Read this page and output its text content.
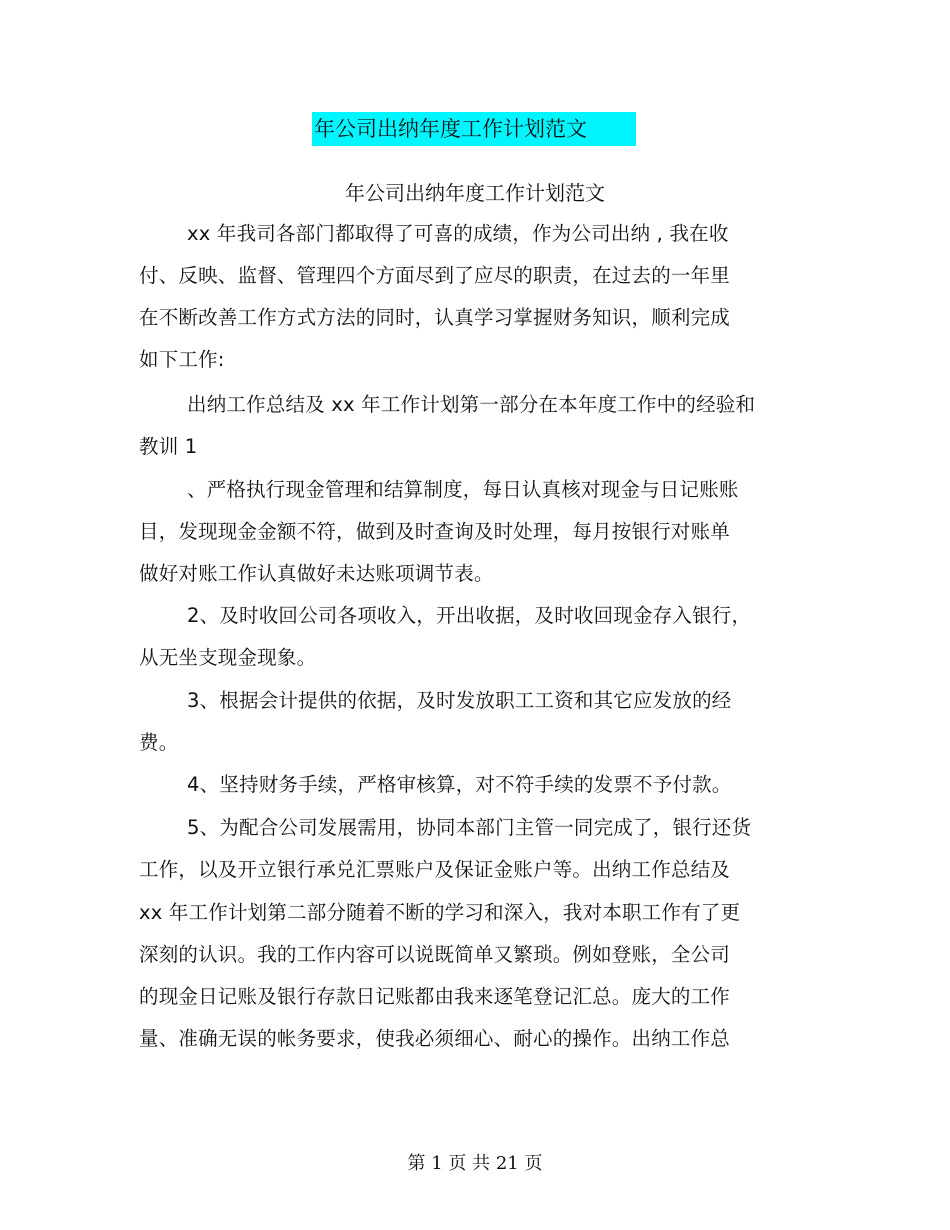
年公司出纳年度工作计划范文
年公司出纳年度工作计划范文
xx 年我司各部门都取得了可喜的成绩，作为公司出纳 , 我在收
付、反映、监督、管理四个方面尽到了应尽的职责，在过去的一年里
在不断改善工作方式方法的同时，认真学习掌握财务知识，顺利完成
如下工作:
出纳工作总结及 xx 年工作计划第一部分在本年度工作中的经验和
教训 1
、严格执行现金管理和结算制度，每日认真核对现金与日记账账
目，发现现金金额不符，做到及时查询及时处理，每月按银行对账单
做好对账工作认真做好未达账项调节表。
2、及时收回公司各项收入，开出收据，及时收回现金存入银行，
从无坐支现金现象。
3、根据会计提供的依据，及时发放职工工资和其它应发放的经
费。
4、坚持财务手续，严格审核算，对不符手续的发票不予付款。
5、为配合公司发展需用，协同本部门主管一同完成了，银行还货
工作，以及开立银行承兑汇票账户及保证金账户等。出纳工作总结及
xx 年工作计划第二部分随着不断的学习和深入，我对本职工作有了更
深刻的认识。我的工作内容可以说既简单又繁琐。例如登账，全公司
的现金日记账及银行存款日记账都由我来逐笔登记汇总。庞大的工作
量、准确无误的帐务要求，使我必须细心、耐心的操作。出纳工作总
第 1 页 共 21 页
